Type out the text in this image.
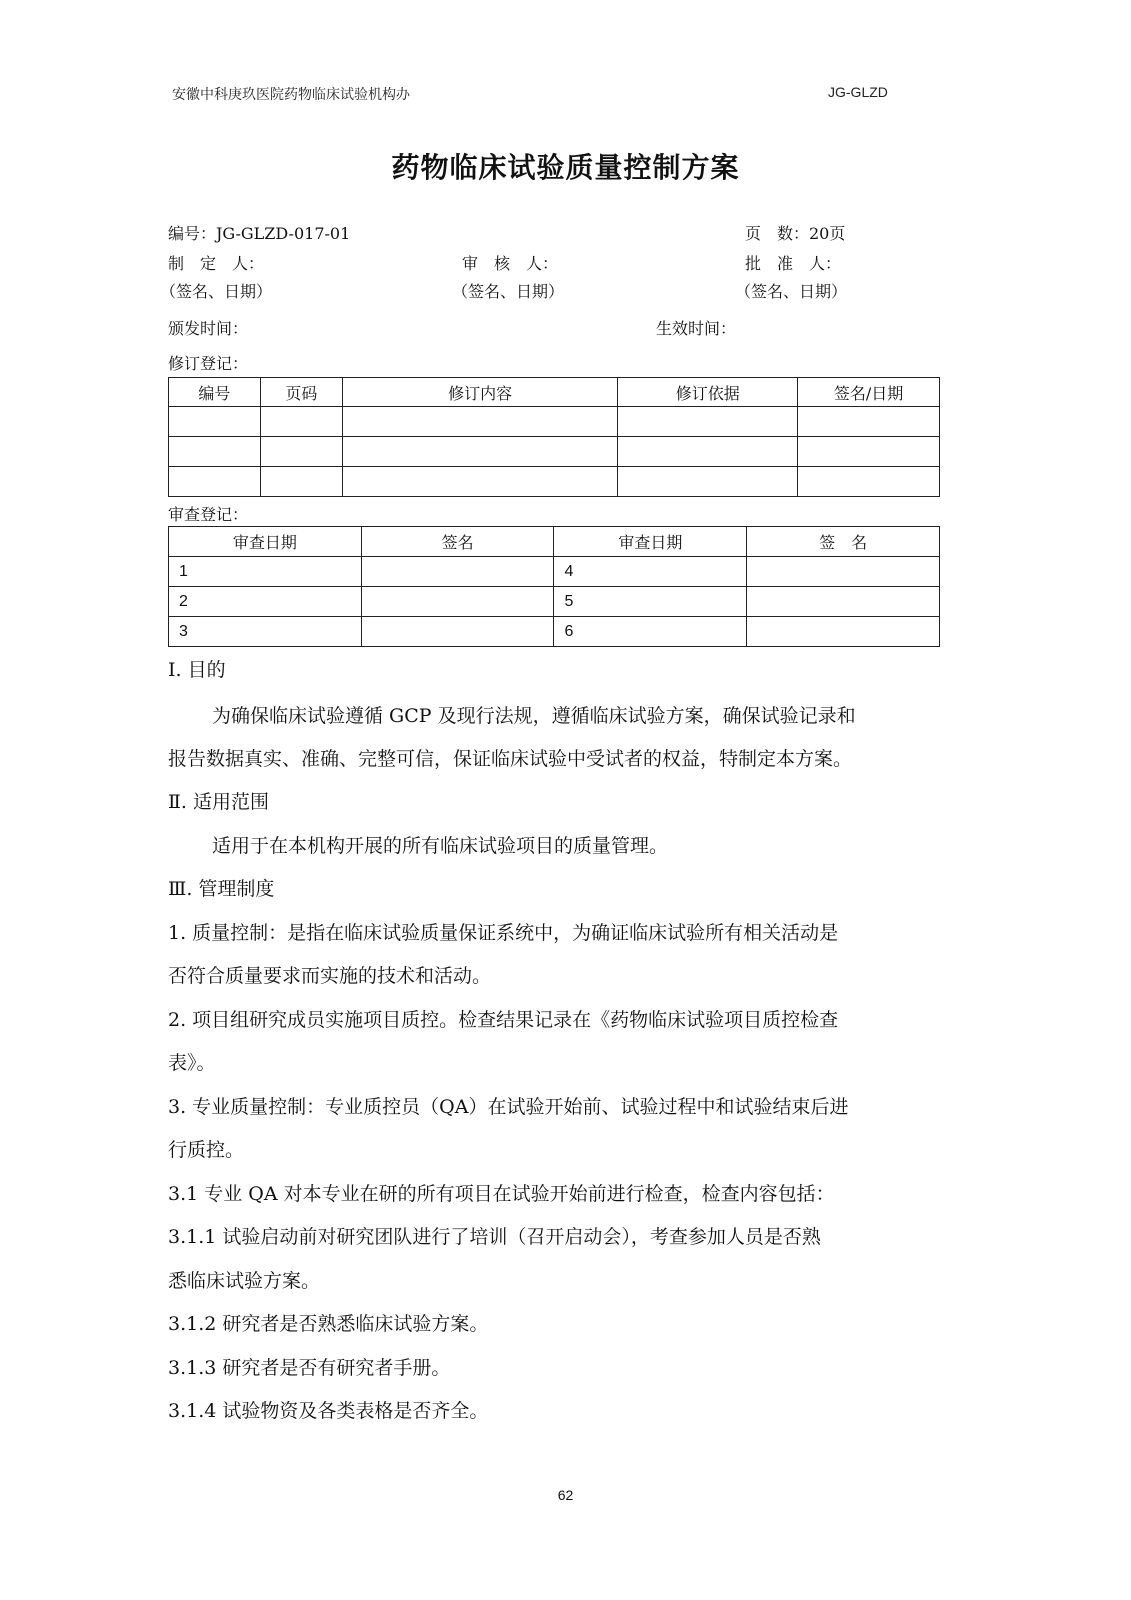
安徽中科庚玖医院药物临床试验机构办	JG-GLZD
药物临床试验质量控制方案
编号：JG-GLZD-017-01	页　数：20页
制　定　人：	审　核　人：	批　准　人：
（签名、日期）	（签名、日期）	（签名、日期）
颁发时间：	生效时间：
修订登记：
编号	页码	修订内容	修订依据	签名/日期

审查登记：
审查日期	签名	审查日期	签　名
1		4	
2		5	
3		6	
Ⅰ. 目的
为确保临床试验遵循 GCP 及现行法规，遵循临床试验方案，确保试验记录和
报告数据真实、准确、完整可信，保证临床试验中受试者的权益，特制定本方案。
Ⅱ. 适用范围
适用于在本机构开展的所有临床试验项目的质量管理。
Ⅲ. 管理制度
1. 质量控制：是指在临床试验质量保证系统中，为确证临床试验所有相关活动是
否符合质量要求而实施的技术和活动。
2. 项目组研究成员实施项目质控。检查结果记录在《药物临床试验项目质控检查
表》。
3. 专业质量控制：专业质控员（QA）在试验开始前、试验过程中和试验结束后进
行质控。
3.1 专业 QA 对本专业在研的所有项目在试验开始前进行检查，检查内容包括：
3.1.1 试验启动前对研究团队进行了培训（召开启动会），考查参加人员是否熟
悉临床试验方案。
3.1.2 研究者是否熟悉临床试验方案。
3.1.3 研究者是否有研究者手册。
3.1.4 试验物资及各类表格是否齐全。
62
